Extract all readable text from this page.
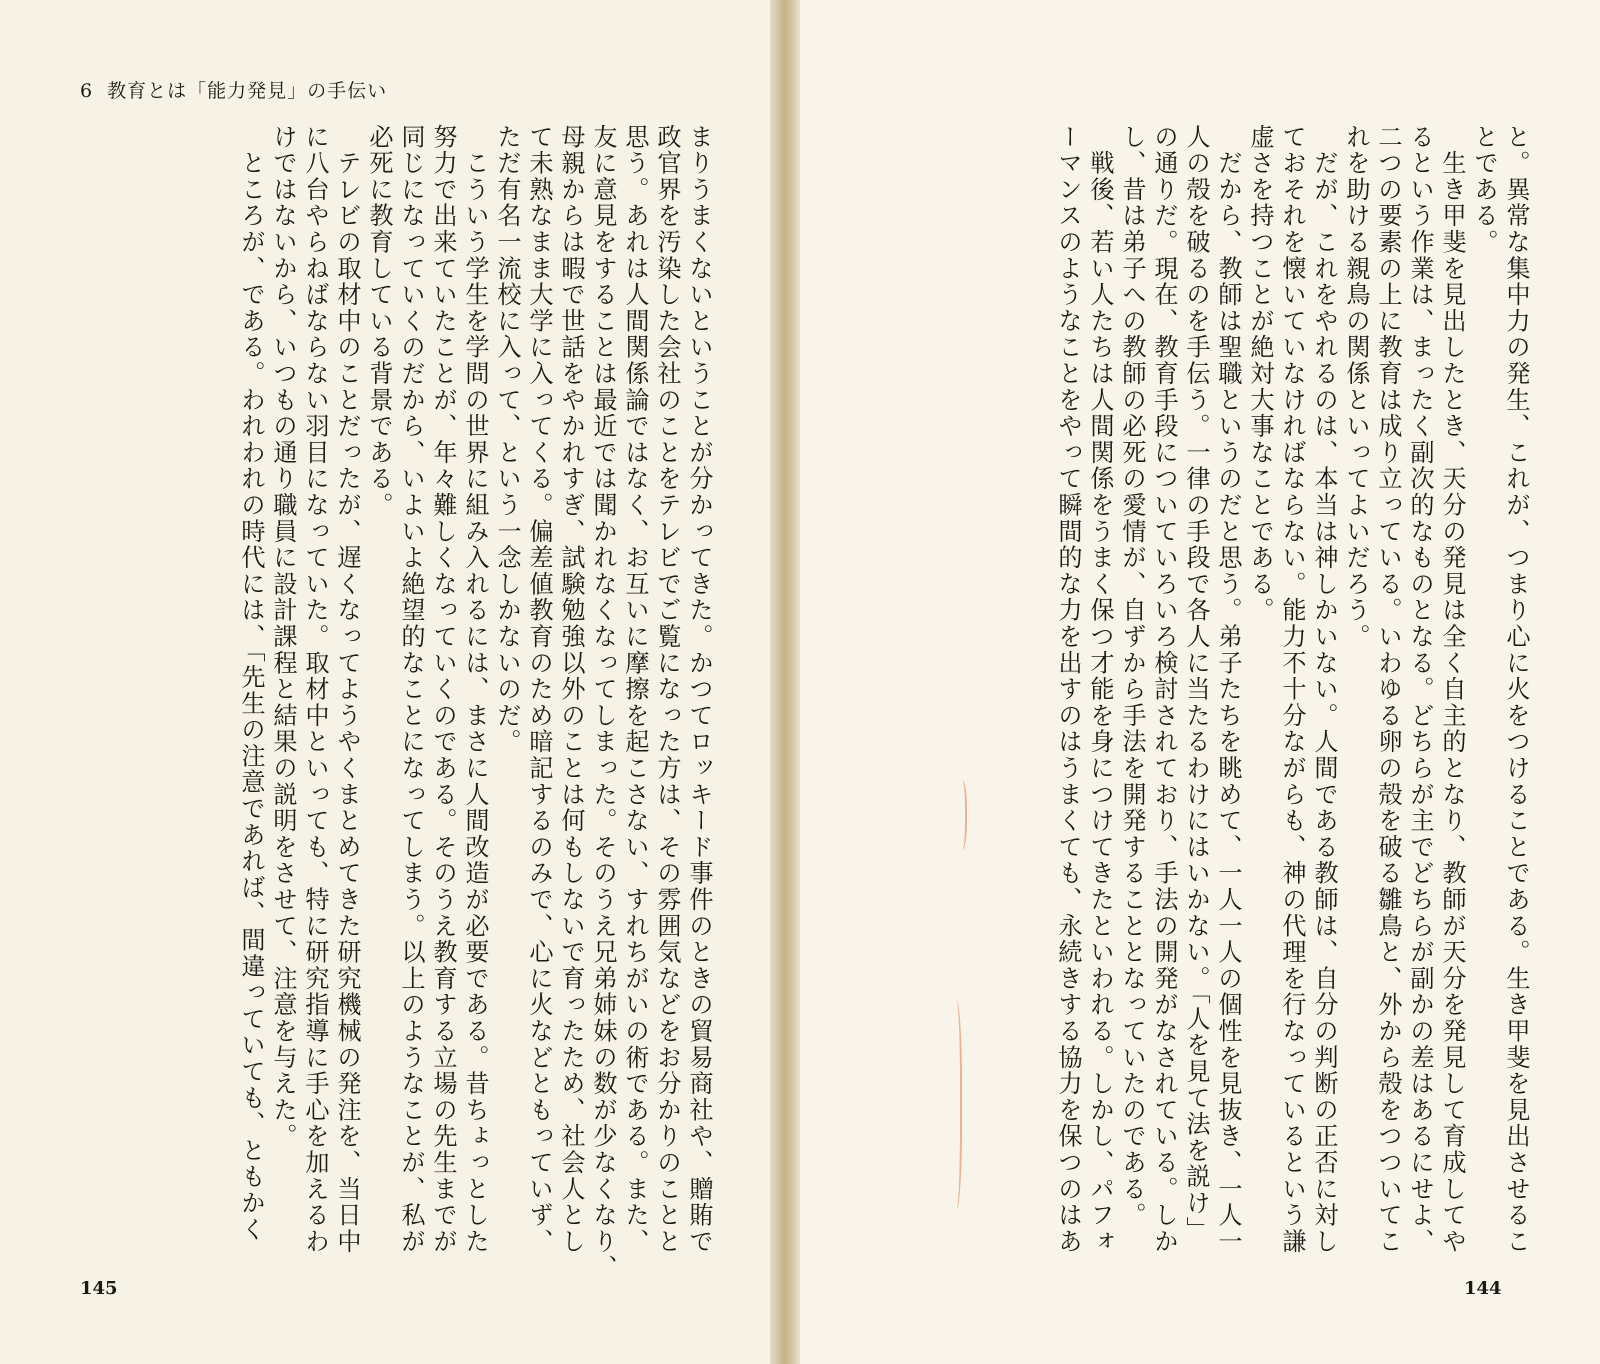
6 教育とは「能力発見」の手伝い
まりうまくないということが分かってきた。かつてロッキード事件のときの貿易商社や、贈賄で
政官界を汚染した会社のことをテレビでご覧になった方は、その雰囲気などをお分かりのことと
思う。あれは人間関係論ではなく、お互いに摩擦を起こさない、すれちがいの術である。また、
友に意見をすることは最近では聞かれなくなってしまった。そのうえ兄弟姉妹の数が少なくなり、
母親からは暇で世話をやかれすぎ、試験勉強以外のことは何もしないで育ったため、社会人とし
て未熟なまま大学に入ってくる。偏差値教育のため暗記するのみで、心に火などともっていず、
ただ有名一流校に入って、という一念しかないのだ。
　こういう学生を学問の世界に組み入れるには、まさに人間改造が必要である。昔ちょっとした
努力で出来ていたことが、年々難しくなっていくのである。そのうえ教育する立場の先生までが
同じになっていくのだから、いよいよ絶望的なことになってしまう。以上のようなことが、私が
必死に教育している背景である。
　テレビの取材中のことだったが、遅くなってようやくまとめてきた研究機械の発注を、当日中
に八台やらねばならない羽目になっていた。取材中といっても、特に研究指導に手心を加えるわ
けではないから、いつもの通り職員に設計課程と結果の説明をさせて、注意を与えた。
　ところが、である。われわれの時代には、「先生の注意であれば、間違っていても、ともかく
145
と。異常な集中力の発生、これが、つまり心に火をつけることである。生き甲斐を見出させるこ
とである。
　生き甲斐を見出したとき、天分の発見は全く自主的となり、教師が天分を発見して育成してや
るという作業は、まったく副次的なものとなる。どちらが主でどちらが副かの差はあるにせよ、
二つの要素の上に教育は成り立っている。いわゆる卵の殻を破る雛鳥と、外から殻をつついてこ
れを助ける親鳥の関係といってよいだろう。
　だが、これをやれるのは、本当は神しかいない。人間である教師は、自分の判断の正否に対し
ておそれを懐いていなければならない。能力不十分ながらも、神の代理を行なっているという謙
虚さを持つことが絶対大事なことである。
　だから、教師は聖職というのだと思う。弟子たちを眺めて、一人一人の個性を見抜き、一人一
人の殻を破るのを手伝う。一律の手段で各人に当たるわけにはいかない。「人を見て法を説け」
の通りだ。現在、教育手段についていろいろ検討されており、手法の開発がなされている。しか
し、昔は弟子への教師の必死の愛情が、自ずから手法を開発することとなっていたのである。
　戦後、若い人たちは人間関係をうまく保つ才能を身につけてきたといわれる。しかし、パフォ
ーマンスのようなことをやって瞬間的な力を出すのはうまくても、永続きする協力を保つのはあ
144
